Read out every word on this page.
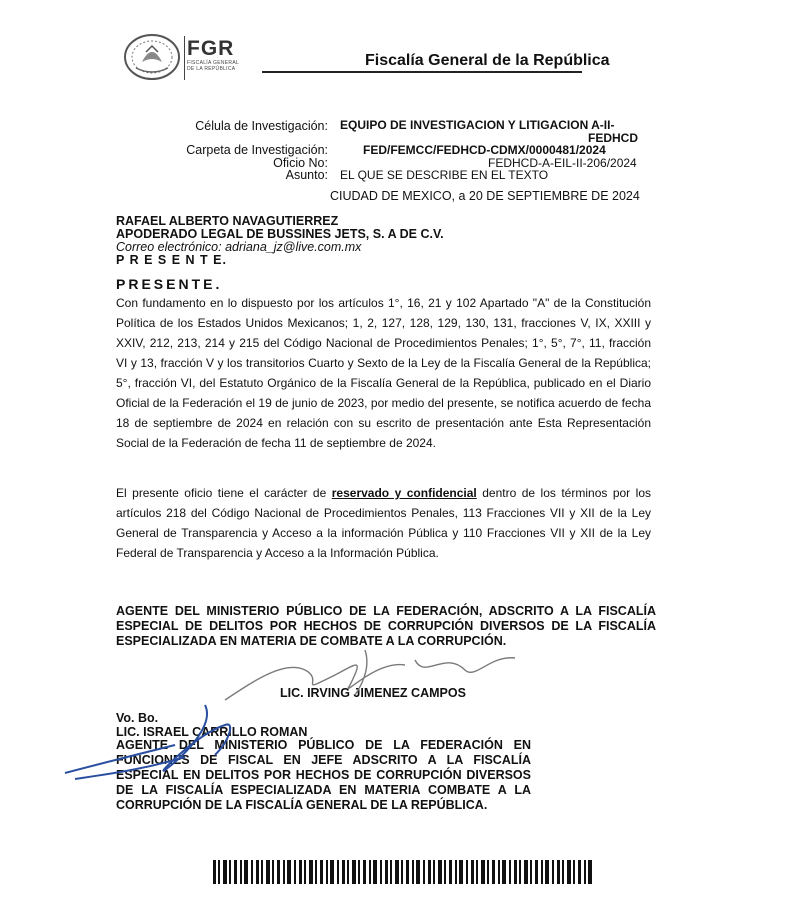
FGR
FISCALÍA GENERAL
DE LA REPÚBLICA	Fiscalía General de la República
Célula de Investigación: EQUIPO DE INVESTIGACION Y LITIGACION A-II-
FEDHCD
Carpeta de Investigación:	FED/FEMCC/FEDHCD-CDMX/0000481/2024
Oficio No:	FEDHCD-A-EIL-II-206/2024
Asunto: EL QUE SE DESCRIBE EN EL TEXTO
CIUDAD DE MEXICO, a 20 DE SEPTIEMBRE DE 2024
RAFAEL ALBERTO NAVAGUTIERREZ
APODERADO LEGAL DE BUSSINES JETS, S. A DE C.V.
Correo electrónico: adriana_jz@live.com.mx
P R E S E N T E.
PRESENTE.

Con fundamento en lo dispuesto por los artículos 1°, 16, 21 y 102 Apartado "A" de la Constitución Política de los Estados Unidos Mexicanos; 1, 2, 127, 128, 129, 130, 131, fracciones V, IX, XXIII y XXIV, 212, 213, 214 y 215 del Código Nacional de Procedimientos Penales; 1°, 5°, 7°, 11, fracción VI y 13, fracción V y los transitorios Cuarto y Sexto de la Ley de la Fiscalía General de la República; 5°, fracción VI, del Estatuto Orgánico de la Fiscalía General de la República, publicado en el Diario Oficial de la Federación el 19 de junio de 2023, por medio del presente, se notifica acuerdo de fecha 18 de septiembre de 2024 en relación con su escrito de presentación ante Esta Representación Social de la Federación de fecha 11 de septiembre de 2024.

El presente oficio tiene el carácter de reservado y confidencial dentro de los términos por los artículos 218 del Código Nacional de Procedimientos Penales, 113 Fracciones VII y XII de la Ley General de Transparencia y Acceso a la información Pública y 110 Fracciones VII y XII de la Ley Federal de Transparencia y Acceso a la Información Pública.

AGENTE DEL MINISTERIO PÚBLICO DE LA FEDERACIÓN, ADSCRITO A LA FISCALÍA ESPECIAL DE DELITOS POR HECHOS DE CORRUPCIÓN DIVERSOS DE LA FISCALÍA ESPECIALIZADA EN MATERIA DE COMBATE A LA CORRUPCIÓN.
LIC. IRVING JIMENEZ CAMPOS
Vo. Bo.
LIC. ISRAEL CARRILLO ROMAN
AGENTE DEL MINISTERIO PÚBLICO DE LA FEDERACIÓN EN FUNCIONES DE FISCAL EN JEFE ADSCRITO A LA FISCALÍA ESPECIAL EN DELITOS POR HECHOS DE CORRUPCIÓN DIVERSOS DE LA FISCALÍA ESPECIALIZADA EN MATERIA COMBATE A LA CORRUPCIÓN DE LA FISCALÍA GENERAL DE LA REPÚBLICA.
